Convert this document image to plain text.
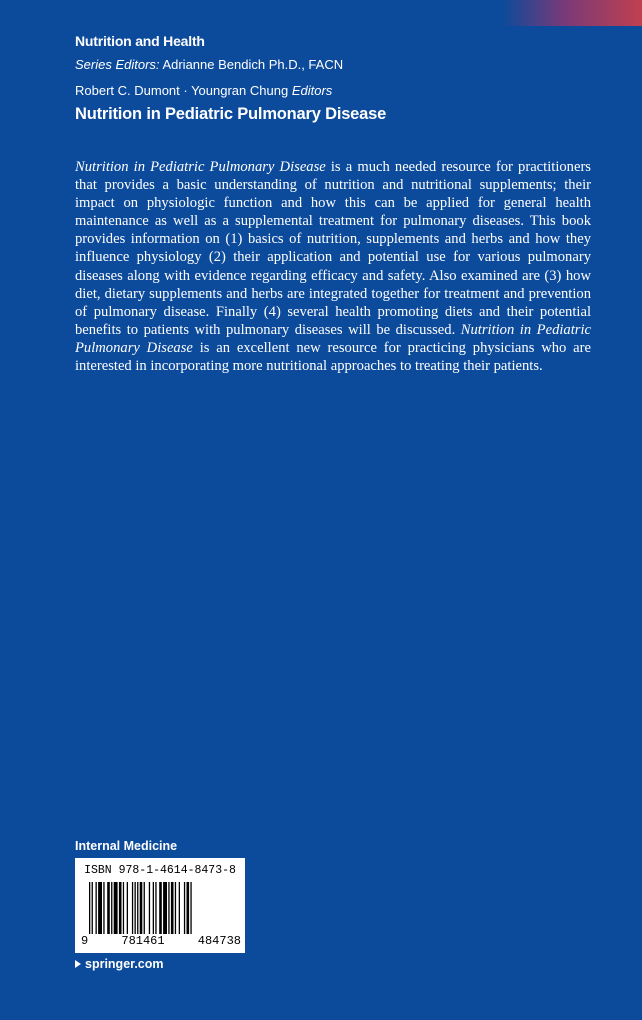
Nutrition and Health
Series Editors: Adrianne Bendich Ph.D., FACN
Robert C. Dumont · Youngran Chung Editors
Nutrition in Pediatric Pulmonary Disease

Nutrition in Pediatric Pulmonary Disease is a much needed resource for practitioners that provides a basic understanding of nutrition and nutritional supplements; their impact on physiologic function and how this can be applied for general health maintenance as well as a supplemental treatment for pulmonary diseases. This book provides information on (1) basics of nutrition, supplements and herbs and how they influence physiology (2) their application and potential use for various pulmonary diseases along with evidence regarding efficacy and safety. Also examined are (3) how diet, dietary supplements and herbs are integrated together for treatment and prevention of pulmonary disease. Finally (4) several health promoting diets and their potential benefits to patients with pulmonary diseases will be discussed. Nutrition in Pediatric Pulmonary Disease is an excellent new resource for practicing physicians who are interested in incorporating more nutritional approaches to treating their patients.

Internal Medicine
ISBN 978-1-4614-8473-8
9	781461	484738
springer.com
